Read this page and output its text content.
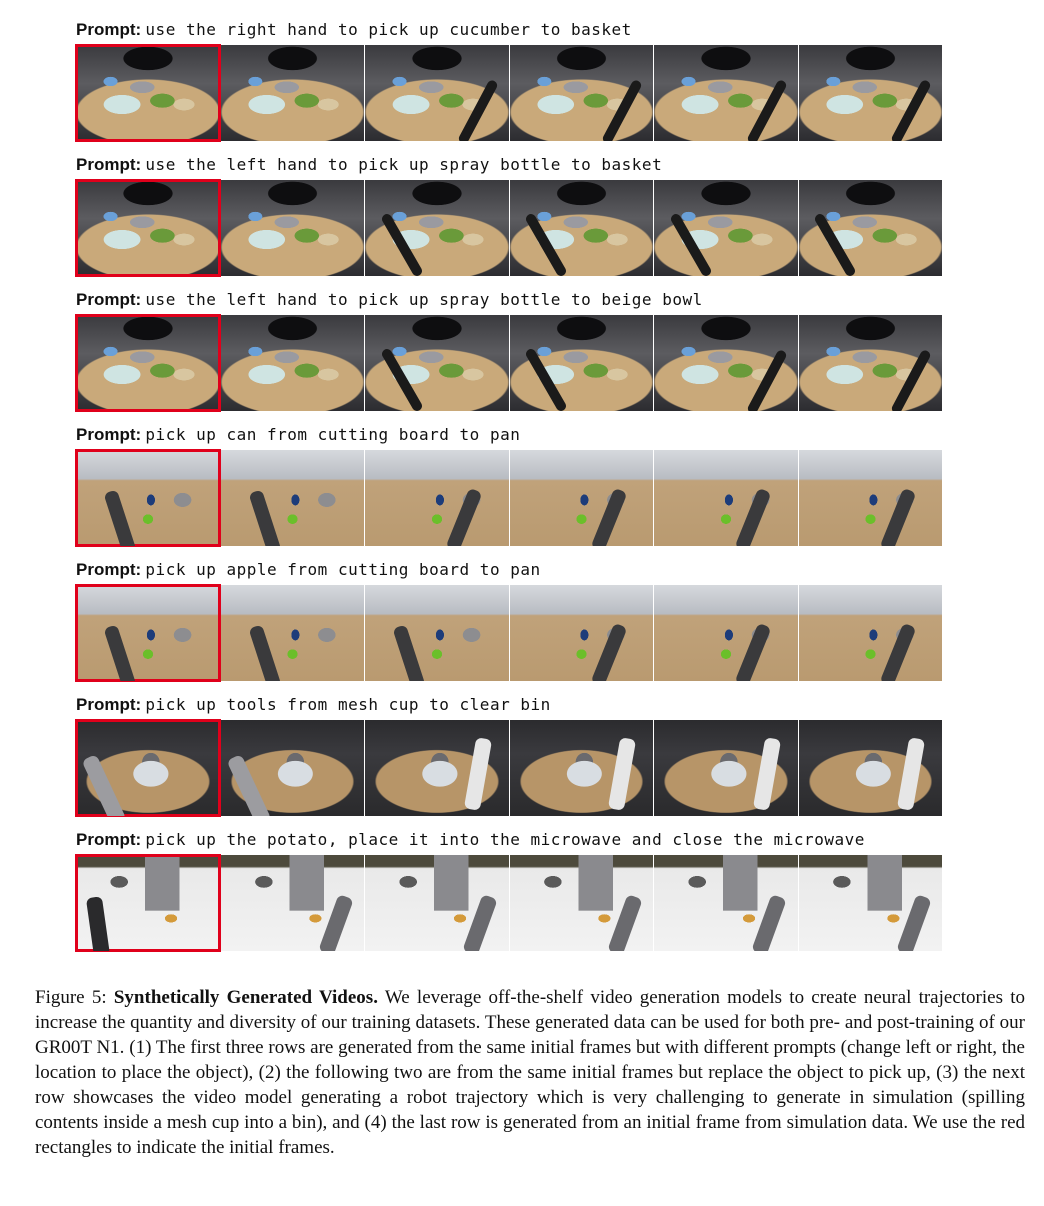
Prompt: use the right hand to pick up cucumber to basket
Prompt: use the left hand to pick up spray bottle to basket
Prompt: use the left hand to pick up spray bottle to beige bowl
Prompt: pick up can from cutting board to pan
Prompt: pick up apple from cutting board to pan
Prompt: pick up tools from mesh cup to clear bin
Prompt: pick up the potato, place it into the microwave and close the microwave
Figure 5: Synthetically Generated Videos. We leverage off-the-shelf video generation models to create neural trajectories to increase the quantity and diversity of our training datasets. These generated data can be used for both pre- and post-training of our GR00T N1. (1) The first three rows are generated from the same initial frames but with different prompts (change left or right, the location to place the object), (2) the following two are from the same initial frames but replace the object to pick up, (3) the next row showcases the video model generating a robot trajectory which is very challenging to generate in simulation (spilling contents inside a mesh cup into a bin), and (4) the last row is generated from an initial frame from simulation data. We use the red rectangles to indicate the initial frames.
